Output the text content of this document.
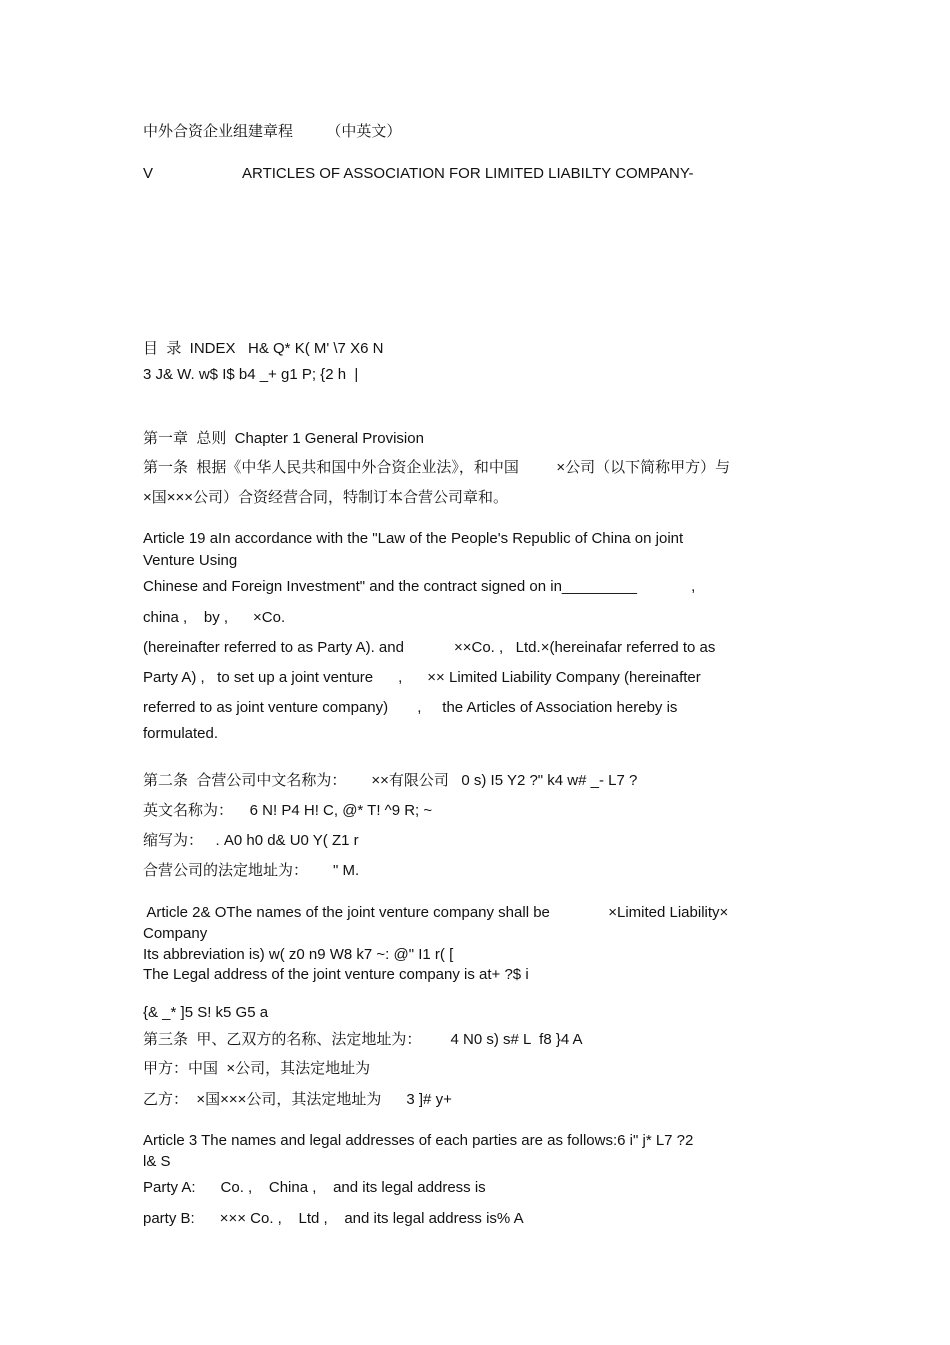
中外合资企业组建章程        （中英文）
V	ARTICLES OF ASSOCIATION FOR LIMITED LIABILTY COMPANY-
目  录  INDEX   H& Q* K( M' \7 X6 N
3 J& W. w$ I$ b4 _+ g1 P; {2 h  |
第一章  总则  Chapter 1 General Provision
第一条  根据《中华人民共和国中外合资企业法》，和中国         ×公司（以下简称甲方）与
×国×××公司）合资经营合同，特制订本合营公司章和。
Article 19 aIn accordance with the "Law of the People's Republic of China on joint
Venture Using
Chinese and Foreign Investment" and the contract signed on in_________             ,
china ,    by ,      ×Co.
(hereinafter referred to as Party A). and            ××Co. ,   Ltd.×(hereinafar referred to as
Party A) ,   to set up a joint venture      ,      ×× Limited Liability Company (hereinafter
referred to as joint venture company)       ,     the Articles of Association hereby is
formulated.
第二条  合营公司中文名称为：      ××有限公司   0 s) I5 Y2 ?" k4 w# _- L7 ?
英文名称为：    6 N! P4 H! C, @* T! ^9 R; ~
缩写为：   . A0 h0 d& U0 Y( Z1 r
合营公司的法定地址为：      " M.
Article 2& OThe names of the joint venture company shall be              ×Limited Liability×
Company
Its abbreviation is) w( z0 n9 W8 k7 ~: @" I1 r( [
The Legal address of the joint venture company is at+ ?$ i
{& _* ]5 S! k5 G5 a
第三条  甲、乙双方的名称、法定地址为：       4 N0 s) s# L  f8 }4 A
甲方：中国  ×公司，其法定地址为
乙方：  ×国×××公司，其法定地址为      3 ]# y+
Article 3 The names and legal addresses of each parties are as follows:6 i" j* L7 ?2
l& S
Party A:      Co. ,    China ,    and its legal address is
party B:      ××× Co. ,    Ltd ,    and its legal address is% A
